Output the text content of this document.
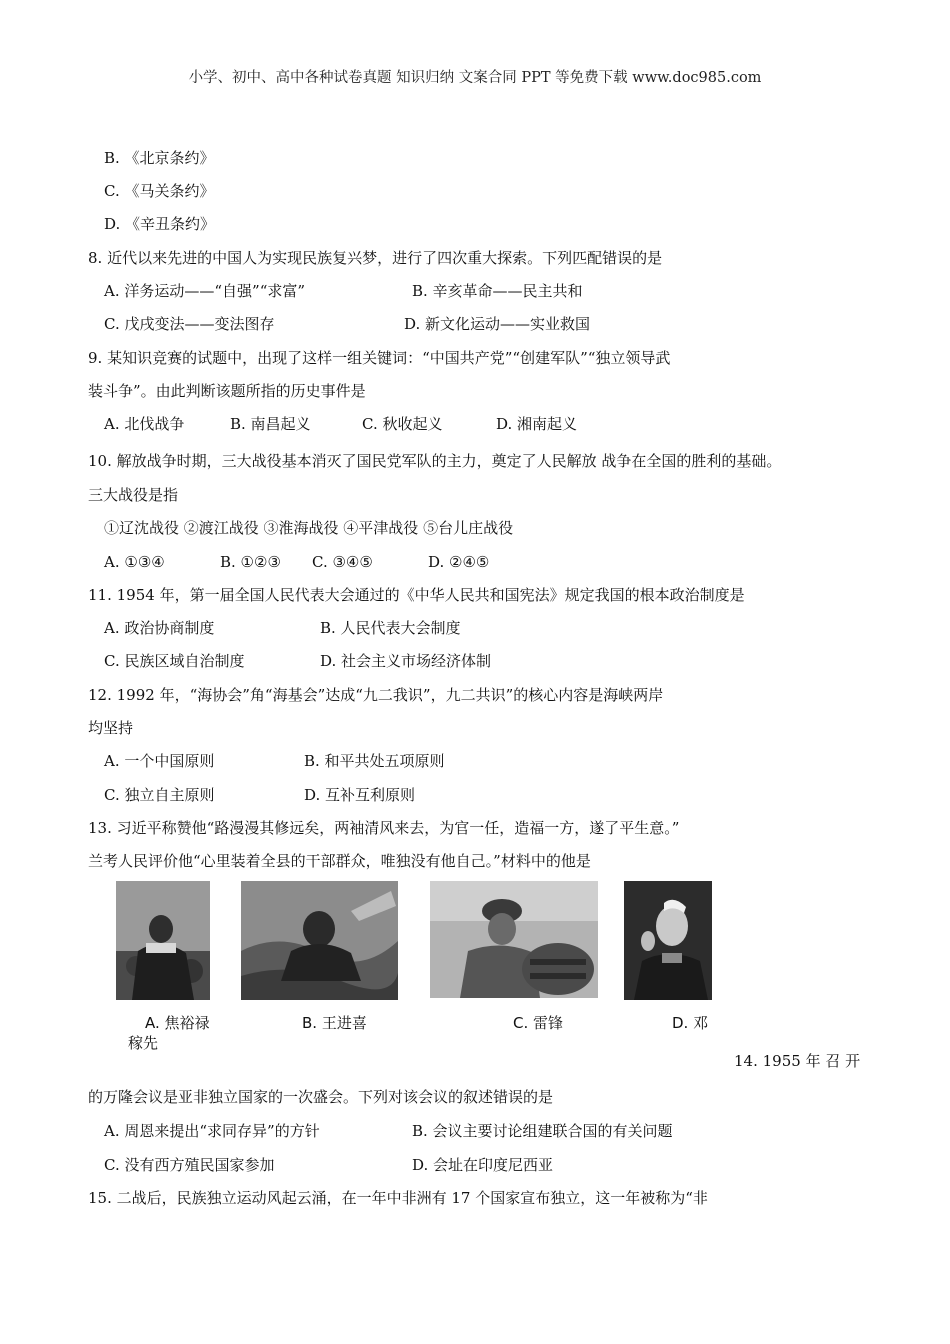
小学、初中、高中各种试卷真题 知识归纳 文案合同 PPT 等免费下载 www.doc985.com
B. 《北京条约》
C. 《马关条约》
D. 《辛丑条约》
8. 近代以来先进的中国人为实现民族复兴梦，进行了四次重大探索。下列匹配错误的是
A. 洋务运动——“自强”“求富”	B. 辛亥革命——民主共和
C. 戊戌变法——变法图存	D. 新文化运动——实业救国
9. 某知识竞赛的试题中，出现了这样一组关键词：“中国共产党”“创建军队”“独立领导武
装斗争”。由此判断该题所指的历史事件是
A. 北伐战争	B. 南昌起义	C. 秋收起义	D. 湘南起义
10. 解放战争时期，三大战役基本消灭了国民党军队的主力，奠定了人民解放 战争在全国的胜利的基础。
三大战役是指
①辽沈战役 ②渡江战役 ③淮海战役 ④平津战役 ⑤台儿庄战役
A. ①③④	B. ①②③ C. ③④⑤	D. ②④⑤
11. 1954 年，第一届全国人民代表大会通过的《中华人民共和国宪法》规定我国的根本政治制度是
A. 政治协商制度	B. 人民代表大会制度
C. 民族区域自治制度	D. 社会主义市场经济体制
12. 1992 年，“海协会”角“海基会”达成“九二我识”，九二共识”的核心内容是海峡两岸
均坚持
A. 一个中国原则	B. 和平共处五项原则
C. 独立自主原则	D. 互补互利原则
13. 习近平称赞他“路漫漫其修远矣，两袖清风来去，为官一任，造福一方，遂了平生意。”
兰考人民评价他“心里装着全县的干部群众，唯独没有他自己。”材料中的他是
A. 焦裕禄	B. 王进喜	C. 雷锋	D. 邓
稼先
14. 1955 年 召 开
的万隆会议是亚非独立国家的一次盛会。下列对该会议的叙述错误的是
A. 周恩来提出“求同存异”的方针	B. 会议主要讨论组建联合国的有关问题
C. 没有西方殖民国家参加	D. 会址在印度尼西亚
15. 二战后，民族独立运动风起云涌，在一年中非洲有 17 个国家宣布独立，这一年被称为“非
